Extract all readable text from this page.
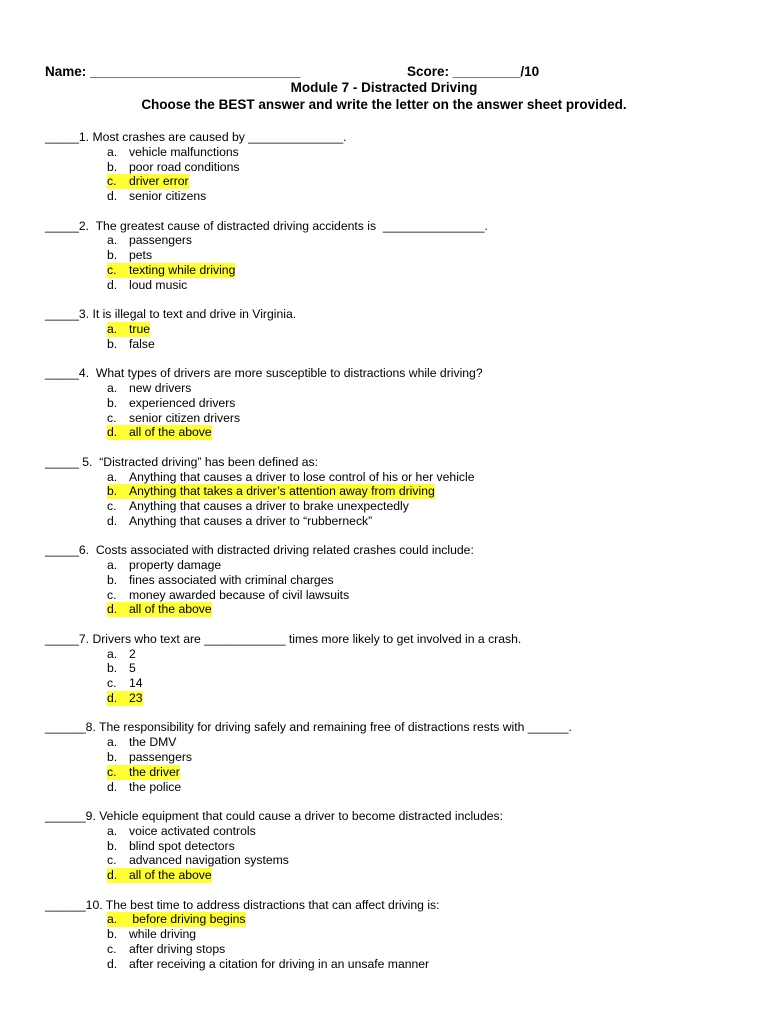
Name: ____________________________	Score: _________/10
Module 7 - Distracted Driving
Choose the BEST answer and write the letter on the answer sheet provided.
_____1. Most crashes are caused by ______________.
a. vehicle malfunctions
b. poor road conditions
c. driver error
d. senior citizens
_____2.  The greatest cause of distracted driving accidents is  _______________.
a. passengers
b. pets
c. texting while driving
d. loud music
_____3. It is illegal to text and drive in Virginia.
a. true
b. false
_____4.  What types of drivers are more susceptible to distractions while driving?
a. new drivers
b. experienced drivers
c. senior citizen drivers
d. all of the above
_____ 5.  “Distracted driving” has been defined as:
a. Anything that causes a driver to lose control of his or her vehicle
b. Anything that takes a driver’s attention away from driving
c. Anything that causes a driver to brake unexpectedly
d. Anything that causes a driver to “rubberneck”
_____6.  Costs associated with distracted driving related crashes could include:
a. property damage
b. fines associated with criminal charges
c. money awarded because of civil lawsuits
d. all of the above
_____7. Drivers who text are ____________ times more likely to get involved in a crash.
a. 2
b. 5
c. 14
d. 23
______8. The responsibility for driving safely and remaining free of distractions rests with ______.
a. the DMV
b. passengers
c. the driver
d. the police
______9. Vehicle equipment that could cause a driver to become distracted includes:
a. voice activated controls
b. blind spot detectors
c. advanced navigation systems
d. all of the above
______10. The best time to address distractions that can affect driving is:
a. before driving begins
b. while driving
c. after driving stops
d. after receiving a citation for driving in an unsafe manner
